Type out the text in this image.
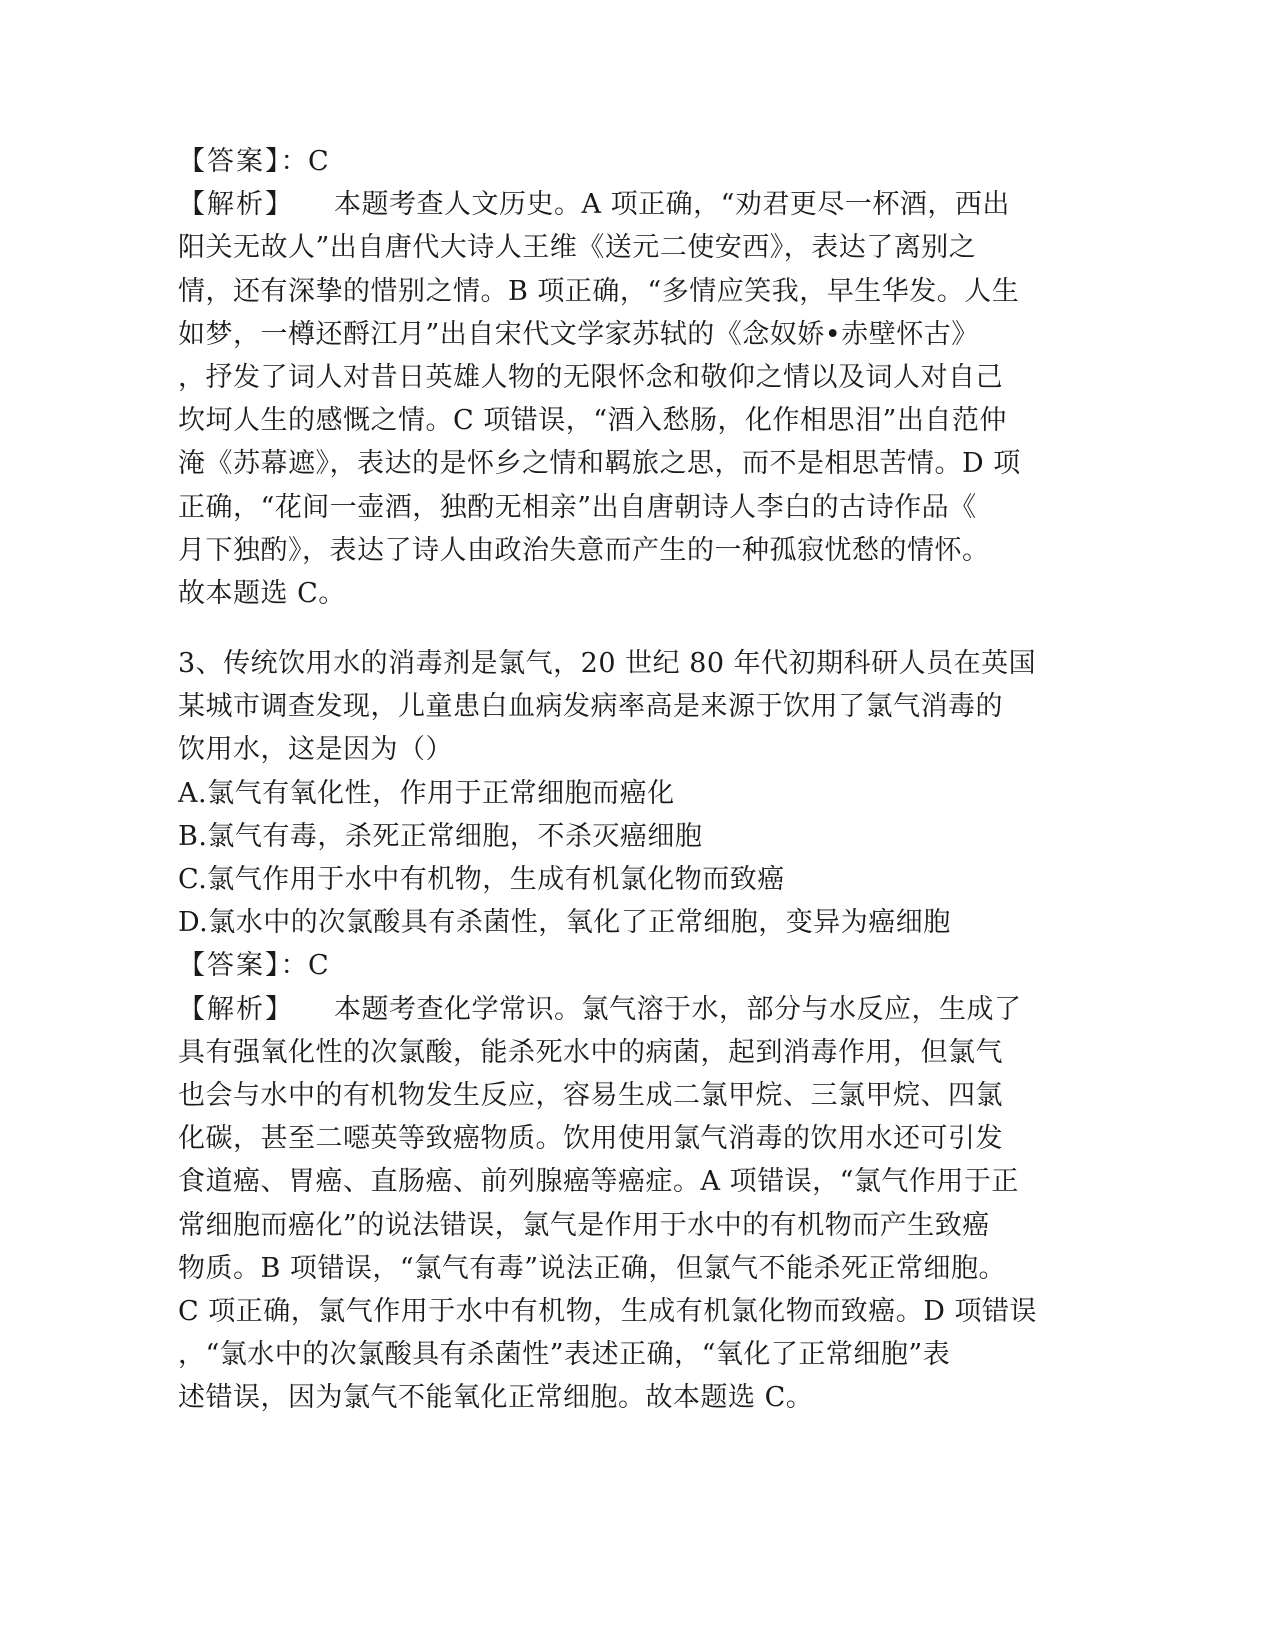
【答案】：C
【解析】 本题考查人文历史。A 项正确，“劝君更尽一杯酒，西出
阳关无故人”出自唐代大诗人王维《送元二使安西》，表达了离别之
情，还有深挚的惜别之情。B 项正确，“多情应笑我，早生华发。人生
如梦，一樽还酹江月”出自宋代文学家苏轼的《念奴娇•赤壁怀古》
，抒发了词人对昔日英雄人物的无限怀念和敬仰之情以及词人对自己
坎坷人生的感慨之情。C 项错误，“酒入愁肠，化作相思泪”出自范仲
淹《苏幕遮》，表达的是怀乡之情和羁旅之思，而不是相思苦情。D 项
正确，“花间一壶酒，独酌无相亲”出自唐朝诗人李白的古诗作品《
月下独酌》，表达了诗人由政治失意而产生的一种孤寂忧愁的情怀。
故本题选 C。
3、传统饮用水的消毒剂是氯气，20 世纪 80 年代初期科研人员在英国
某城市调查发现，儿童患白血病发病率高是来源于饮用了氯气消毒的
饮用水，这是因为（）
A.氯气有氧化性，作用于正常细胞而癌化
B.氯气有毒，杀死正常细胞，不杀灭癌细胞
C.氯气作用于水中有机物，生成有机氯化物而致癌
D.氯水中的次氯酸具有杀菌性，氧化了正常细胞，变异为癌细胞
【答案】：C
【解析】 本题考查化学常识。氯气溶于水，部分与水反应，生成了
具有强氧化性的次氯酸，能杀死水中的病菌，起到消毒作用，但氯气
也会与水中的有机物发生反应，容易生成二氯甲烷、三氯甲烷、四氯
化碳，甚至二噁英等致癌物质。饮用使用氯气消毒的饮用水还可引发
食道癌、胃癌、直肠癌、前列腺癌等癌症。A 项错误，“氯气作用于正
常细胞而癌化”的说法错误，氯气是作用于水中的有机物而产生致癌
物质。B 项错误，“氯气有毒”说法正确，但氯气不能杀死正常细胞。
C 项正确，氯气作用于水中有机物，生成有机氯化物而致癌。D 项错误
，“氯水中的次氯酸具有杀菌性”表述正确，“氧化了正常细胞”表
述错误，因为氯气不能氧化正常细胞。故本题选 C。
